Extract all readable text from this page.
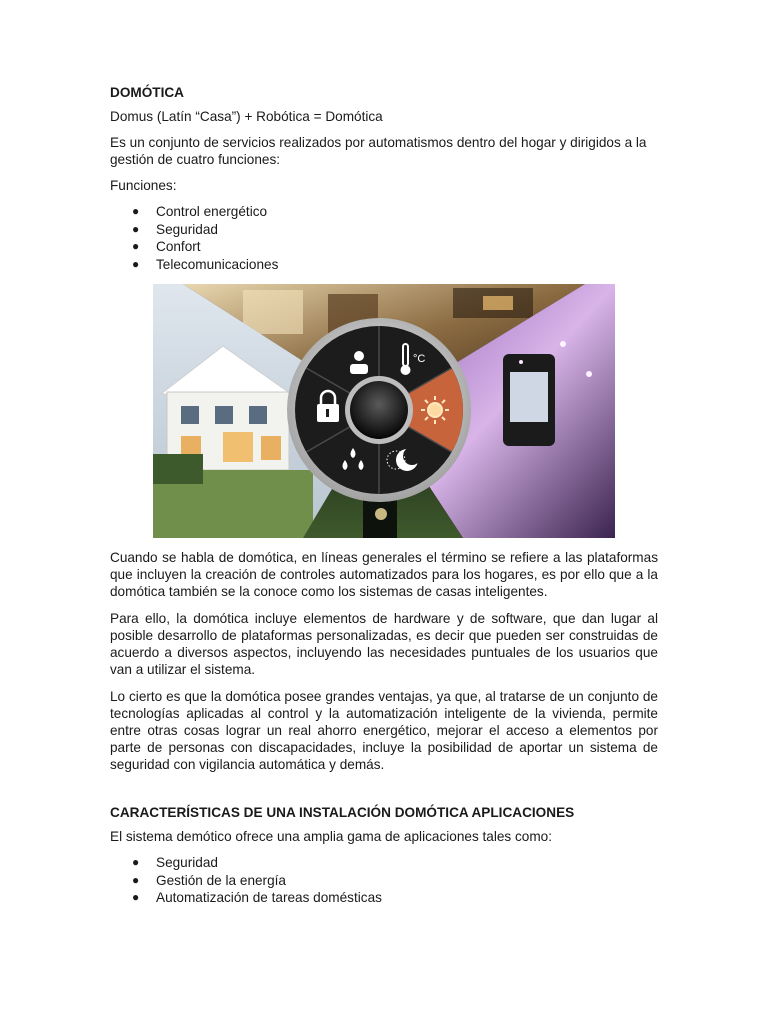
DOMÓTICA

Domus (Latín “Casa”) + Robótica = Domótica

Es un conjunto de servicios realizados por automatismos dentro del hogar y dirigidos a la gestión de cuatro funciones:

Funciones:

● Control energético
● Seguridad
● Confort
● Telecomunicaciones
°C

Cuando se habla de domótica, en líneas generales el término se refiere a las plataformas que incluyen la creación de controles automatizados para los hogares, es por ello que a la domótica también se la conoce como los sistemas de casas inteligentes.

Para ello, la domótica incluye elementos de hardware y de software, que dan lugar al posible desarrollo de plataformas personalizadas, es decir que pueden ser construidas de acuerdo a diversos aspectos, incluyendo las necesidades puntuales de los usuarios que van a utilizar el sistema.

Lo cierto es que la domótica posee grandes ventajas, ya que, al tratarse de un conjunto de tecnologías aplicadas al control y la automatización inteligente de la vivienda, permite entre otras cosas lograr un real ahorro energético, mejorar el acceso a elementos por parte de personas con discapacidades, incluye la posibilidad de aportar un sistema de seguridad con vigilancia automática y demás.

CARACTERÍSTICAS DE UNA INSTALACIÓN DOMÓTICA APLICACIONES

El sistema demótico ofrece una amplia gama de aplicaciones tales como:

● Seguridad
● Gestión de la energía
● Automatización de tareas domésticas
